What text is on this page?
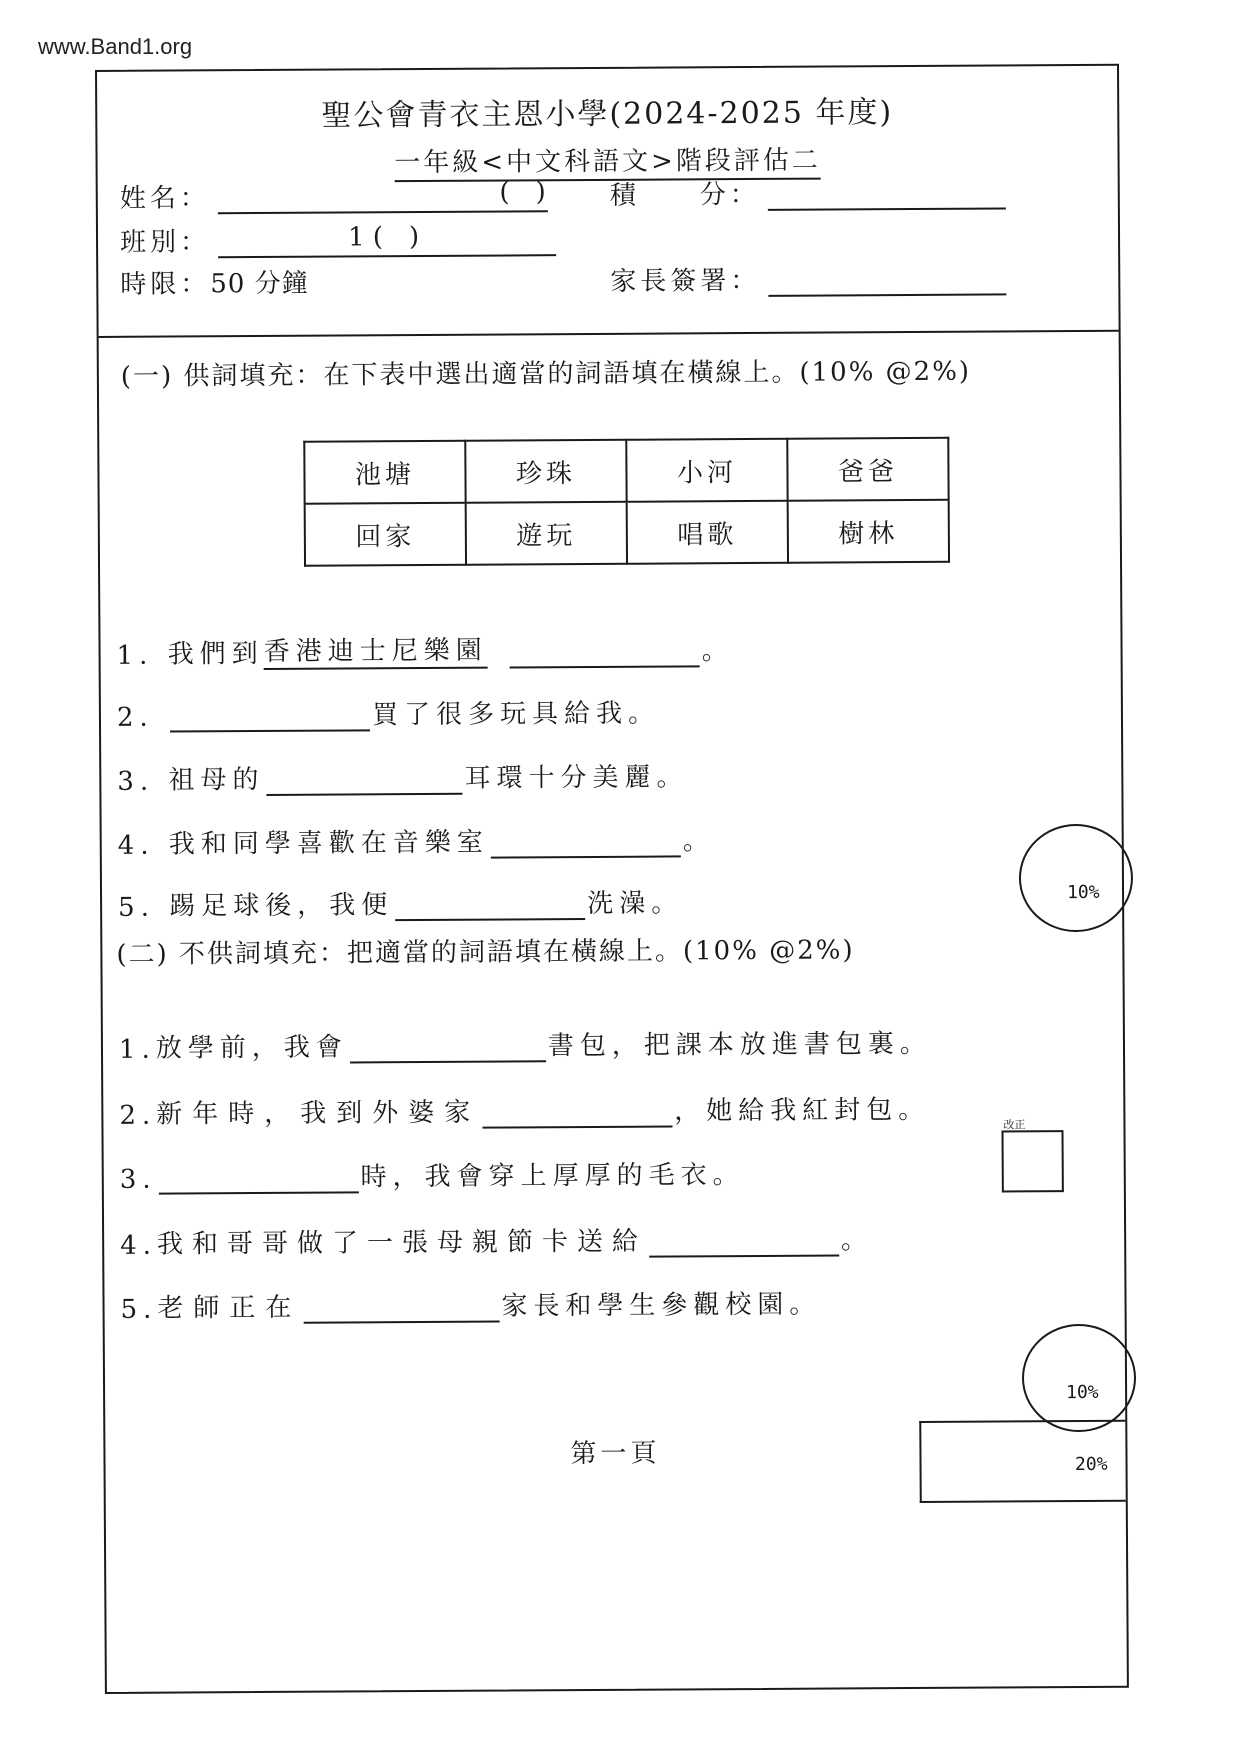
www.Band1.org
聖公會青衣主恩小學(2024-2025 年度)
一年級<中文科語文>階段評估二
姓名：	(　) 積　　分：
班別：	1 (　)
時限： 50 分鐘	家長簽署：
(一) 供詞填充：在下表中選出適當的詞語填在橫線上。(10% @2%)
池塘	珍珠	小河	爸爸
回家	遊玩	唱歌	樹林
1.
我們到 香港迪士尼樂園	。
2.
	買了很多玩具給我。
3.
祖母的	耳環十分美麗。
4.
我和同學喜歡在音樂室	。
5.
踢足球後，我便	洗澡。	10%
(二) 不供詞填充：把適當的詞語填在橫線上。(10% @2%)
1. 放學前，我會	書包，把課本放進書包裏。
2. 新年時，我到外婆家	，她給我紅封包。	改正
3.	時，我會穿上厚厚的毛衣。
4. 我和哥哥做了一張母親節卡送給	。
5. 老師正在	家長和學生參觀校園。
10%
20%
第一頁
